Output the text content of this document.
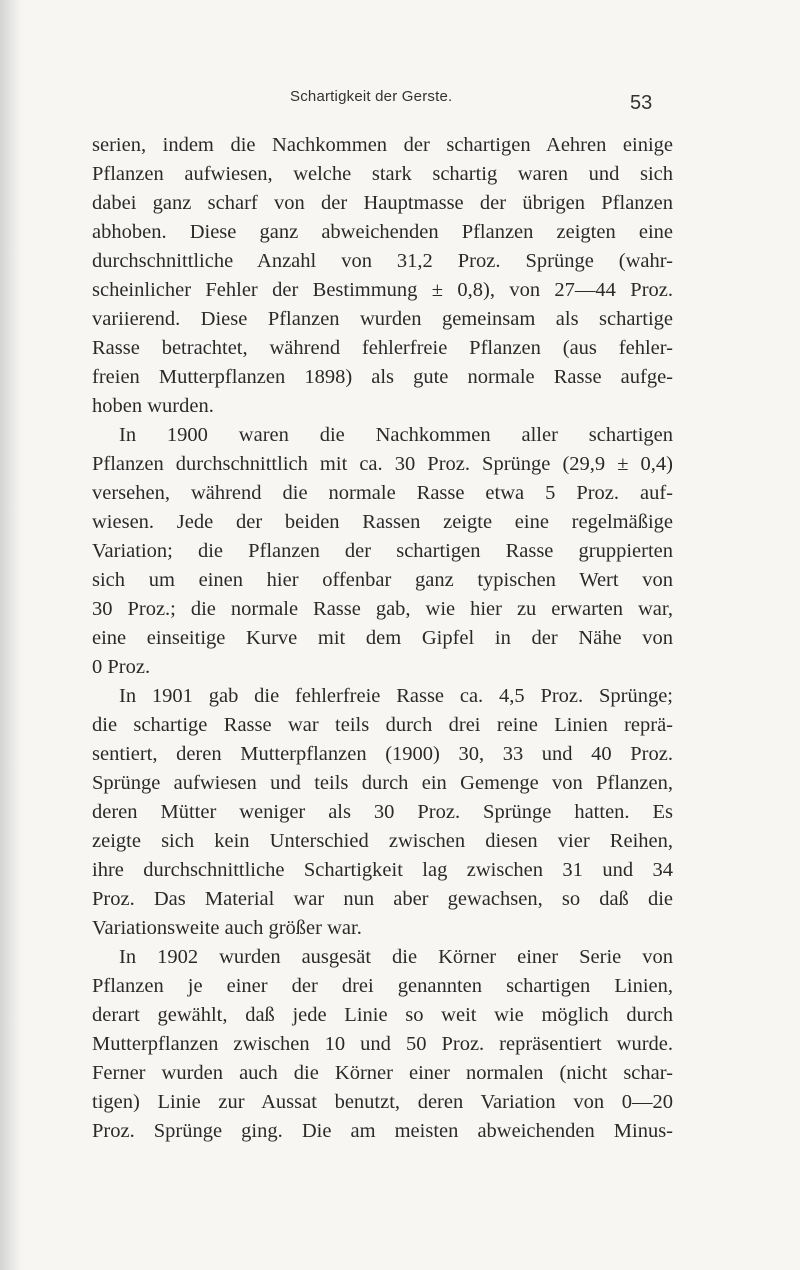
Schartigkeit der Gerste.	53
serien, indem die Nachkommen der schartigen Aehren einige
Pflanzen aufwiesen, welche stark schartig waren und sich
dabei ganz scharf von der Hauptmasse der übrigen Pflanzen
abhoben. Diese ganz abweichenden Pflanzen zeigten eine
durchschnittliche Anzahl von 31,2 Proz. Sprünge (wahr-
scheinlicher Fehler der Bestimmung ± 0,8), von 27—44 Proz.
variierend. Diese Pflanzen wurden gemeinsam als schartige
Rasse betrachtet, während fehlerfreie Pflanzen (aus fehler-
freien Mutterpflanzen 1898) als gute normale Rasse aufge-
hoben wurden.
In 1900 waren die Nachkommen aller schartigen
Pflanzen durchschnittlich mit ca. 30 Proz. Sprünge (29,9 ± 0,4)
versehen, während die normale Rasse etwa 5 Proz. auf-
wiesen. Jede der beiden Rassen zeigte eine regelmäßige
Variation; die Pflanzen der schartigen Rasse gruppierten
sich um einen hier offenbar ganz typischen Wert von
30 Proz.; die normale Rasse gab, wie hier zu erwarten war,
eine einseitige Kurve mit dem Gipfel in der Nähe von
0 Proz.
In 1901 gab die fehlerfreie Rasse ca. 4,5 Proz. Sprünge;
die schartige Rasse war teils durch drei reine Linien reprä-
sentiert, deren Mutterpflanzen (1900) 30, 33 und 40 Proz.
Sprünge aufwiesen und teils durch ein Gemenge von Pflanzen,
deren Mütter weniger als 30 Proz. Sprünge hatten. Es
zeigte sich kein Unterschied zwischen diesen vier Reihen,
ihre durchschnittliche Schartigkeit lag zwischen 31 und 34
Proz. Das Material war nun aber gewachsen, so daß die
Variationsweite auch größer war.
In 1902 wurden ausgesät die Körner einer Serie von
Pflanzen je einer der drei genannten schartigen Linien,
derart gewählt, daß jede Linie so weit wie möglich durch
Mutterpflanzen zwischen 10 und 50 Proz. repräsentiert wurde.
Ferner wurden auch die Körner einer normalen (nicht schar-
tigen) Linie zur Aussat benutzt, deren Variation von 0—20
Proz. Sprünge ging. Die am meisten abweichenden Minus-
